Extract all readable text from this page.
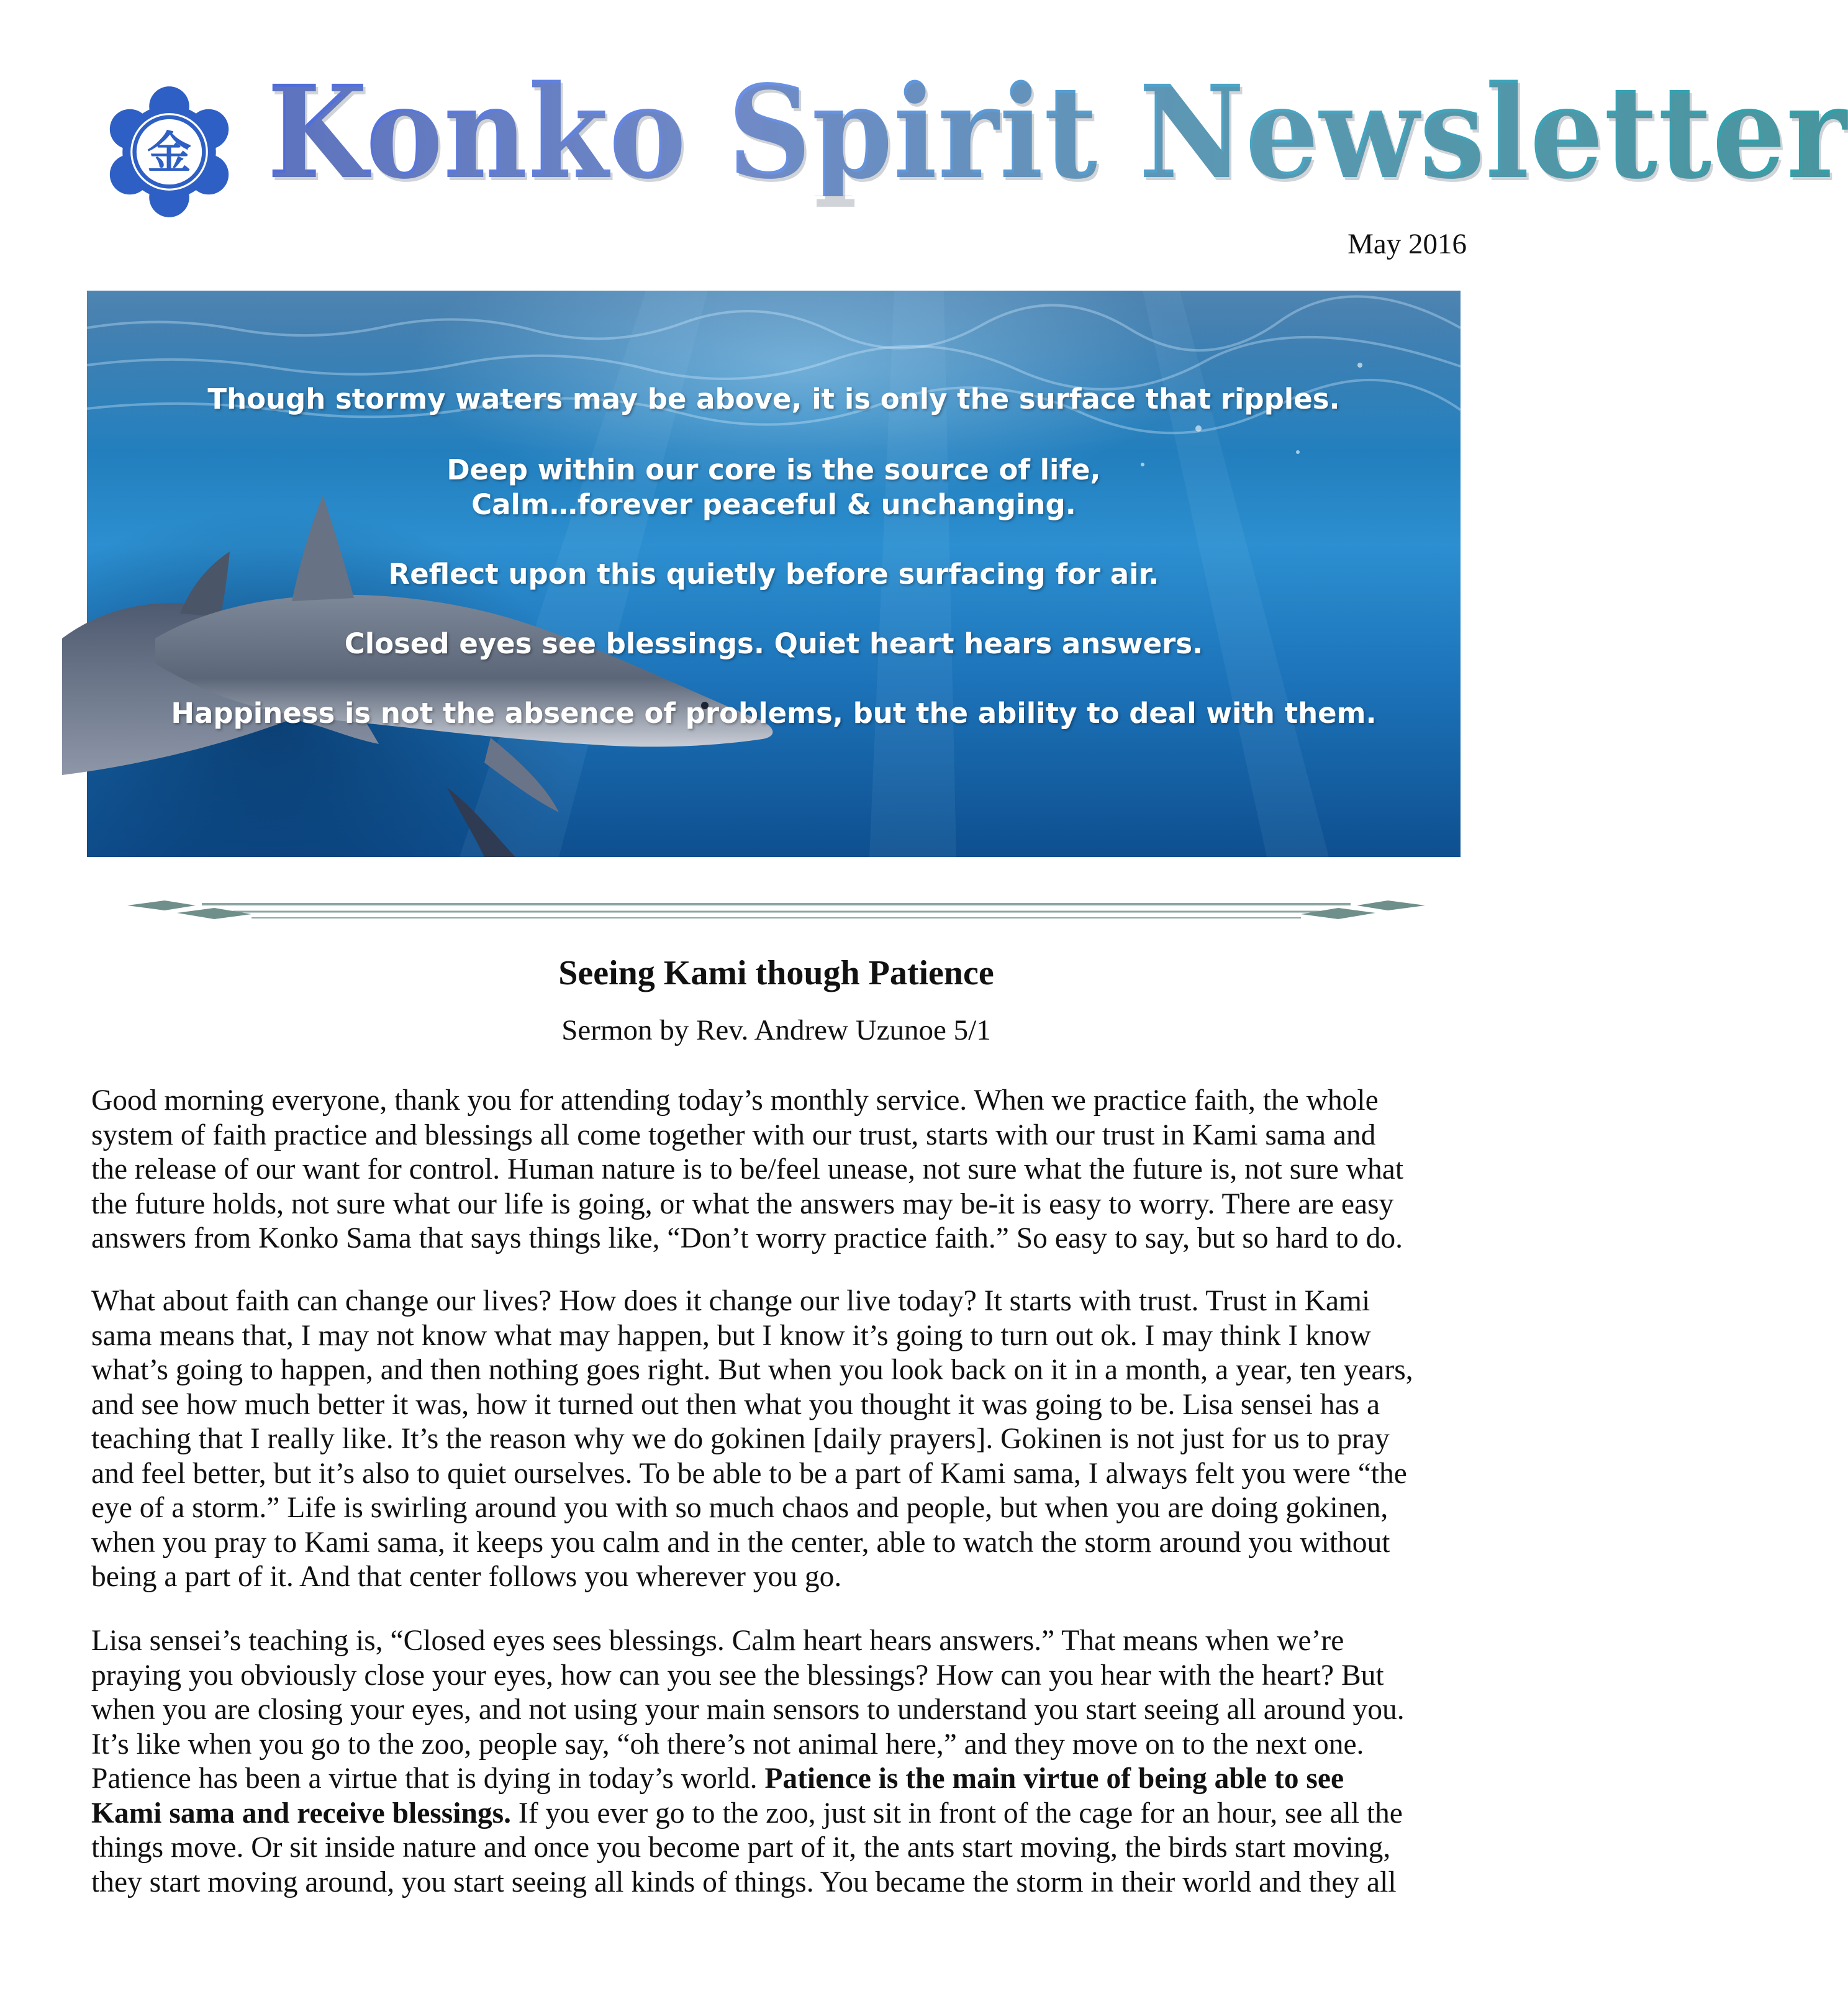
金 Konko Spirit Newsletter
May 2016

Though stormy waters may be above, it is only the surface that ripples.

Deep within our core is the source of life,

Calm…forever peaceful & unchanging.

Reflect upon this quietly before surfacing for air.

Closed eyes see blessings. Quiet heart hears answers.

Happiness is not the absence of problems, but the ability to deal with them.

Seeing Kami though Patience
Sermon by Rev. Andrew Uzunoe 5/1

Good morning everyone, thank you for attending today’s monthly service. When we practice faith, the whole
system of faith practice and blessings all come together with our trust, starts with our trust in Kami sama and
the release of our want for control. Human nature is to be/feel unease, not sure what the future is, not sure what
the future holds, not sure what our life is going, or what the answers may be-it is easy to worry. There are easy
answers from Konko Sama that says things like, “Don’t worry practice faith.” So easy to say, but so hard to do.

What about faith can change our lives? How does it change our live today? It starts with trust. Trust in Kami
sama means that, I may not know what may happen, but I know it’s going to turn out ok. I may think I know
what’s going to happen, and then nothing goes right. But when you look back on it in a month, a year, ten years,
and see how much better it was, how it turned out then what you thought it was going to be. Lisa sensei has a
teaching that I really like. It’s the reason why we do gokinen [daily prayers]. Gokinen is not just for us to pray
and feel better, but it’s also to quiet ourselves. To be able to be a part of Kami sama, I always felt you were “the
eye of a storm.” Life is swirling around you with so much chaos and people, but when you are doing gokinen,
when you pray to Kami sama, it keeps you calm and in the center, able to watch the storm around you without
being a part of it. And that center follows you wherever you go.

Lisa sensei’s teaching is, “Closed eyes sees blessings. Calm heart hears answers.” That means when we’re
praying you obviously close your eyes, how can you see the blessings? How can you hear with the heart? But
when you are closing your eyes, and not using your main sensors to understand you start seeing all around you.
It’s like when you go to the zoo, people say, “oh there’s not animal here,” and they move on to the next one.
Patience has been a virtue that is dying in today’s world. Patience is the main virtue of being able to see
Kami sama and receive blessings. If you ever go to the zoo, just sit in front of the cage for an hour, see all the
things move. Or sit inside nature and once you become part of it, the ants start moving, the birds start moving,
they start moving around, you start seeing all kinds of things. You became the storm in their world and they all
